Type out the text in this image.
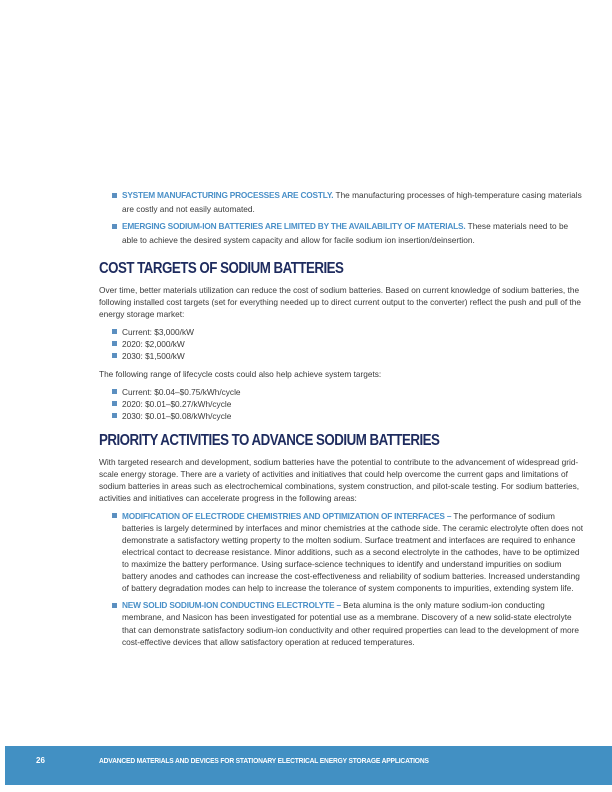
SYSTEM MANUFACTURING PROCESSES ARE COSTLY. The manufacturing processes of high-temperature casing materials are costly and not easily automated.
EMERGING SODIUM-ION BATTERIES ARE LIMITED BY THE AVAILABILITY OF MATERIALS. These materials need to be able to achieve the desired system capacity and allow for facile sodium ion insertion/deinsertion.
COST TARGETS OF SODIUM BATTERIES

Over time, better materials utilization can reduce the cost of sodium batteries. Based on current knowledge of sodium batteries, the following installed cost targets (set for everything needed up to direct current output to the converter) reflect the push and pull of the energy storage market:

Current: $3,000/kW
2020: $2,000/kW
2030: $1,500/kW

The following range of lifecycle costs could also help achieve system targets:

Current: $0.04–$0.75/kWh/cycle
2020: $0.01–$0.27/kWh/cycle
2030: $0.01–$0.08/kWh/cycle
PRIORITY ACTIVITIES TO ADVANCE SODIUM BATTERIES

With targeted research and development, sodium batteries have the potential to contribute to the advancement of widespread grid-scale energy storage. There are a variety of activities and initiatives that could help overcome the current gaps and limitations of sodium batteries in areas such as electrochemical combinations, system construction, and pilot-scale testing. For sodium batteries, activities and initiatives can accelerate progress in the following areas:

MODIFICATION OF ELECTRODE CHEMISTRIES AND OPTIMIZATION OF INTERFACES – The performance of sodium batteries is largely determined by interfaces and minor chemistries at the cathode side. The ceramic electrolyte often does not demonstrate a satisfactory wetting property to the molten sodium. Surface treatment and interfaces are required to enhance electrical contact to decrease resistance. Minor additions, such as a second electrolyte in the cathodes, have to be optimized to maximize the battery performance. Using surface-science techniques to identify and understand impurities on sodium battery anodes and cathodes can increase the cost-effectiveness and reliability of sodium batteries. Increased understanding of battery degradation modes can help to increase the tolerance of system components to impurities, extending system life.
NEW SOLID SODIUM-ION CONDUCTING ELECTROLYTE – Beta alumina is the only mature sodium-ion conducting membrane, and Nasicon has been investigated for potential use as a membrane. Discovery of a new solid-state electrolyte that can demonstrate satisfactory sodium-ion conductivity and other required properties can lead to the development of more cost-effective devices that allow satisfactory operation at reduced temperatures.
26	ADVANCED MATERIALS AND DEVICES FOR STATIONARY ELECTRICAL ENERGY STORAGE APPLICATIONS
